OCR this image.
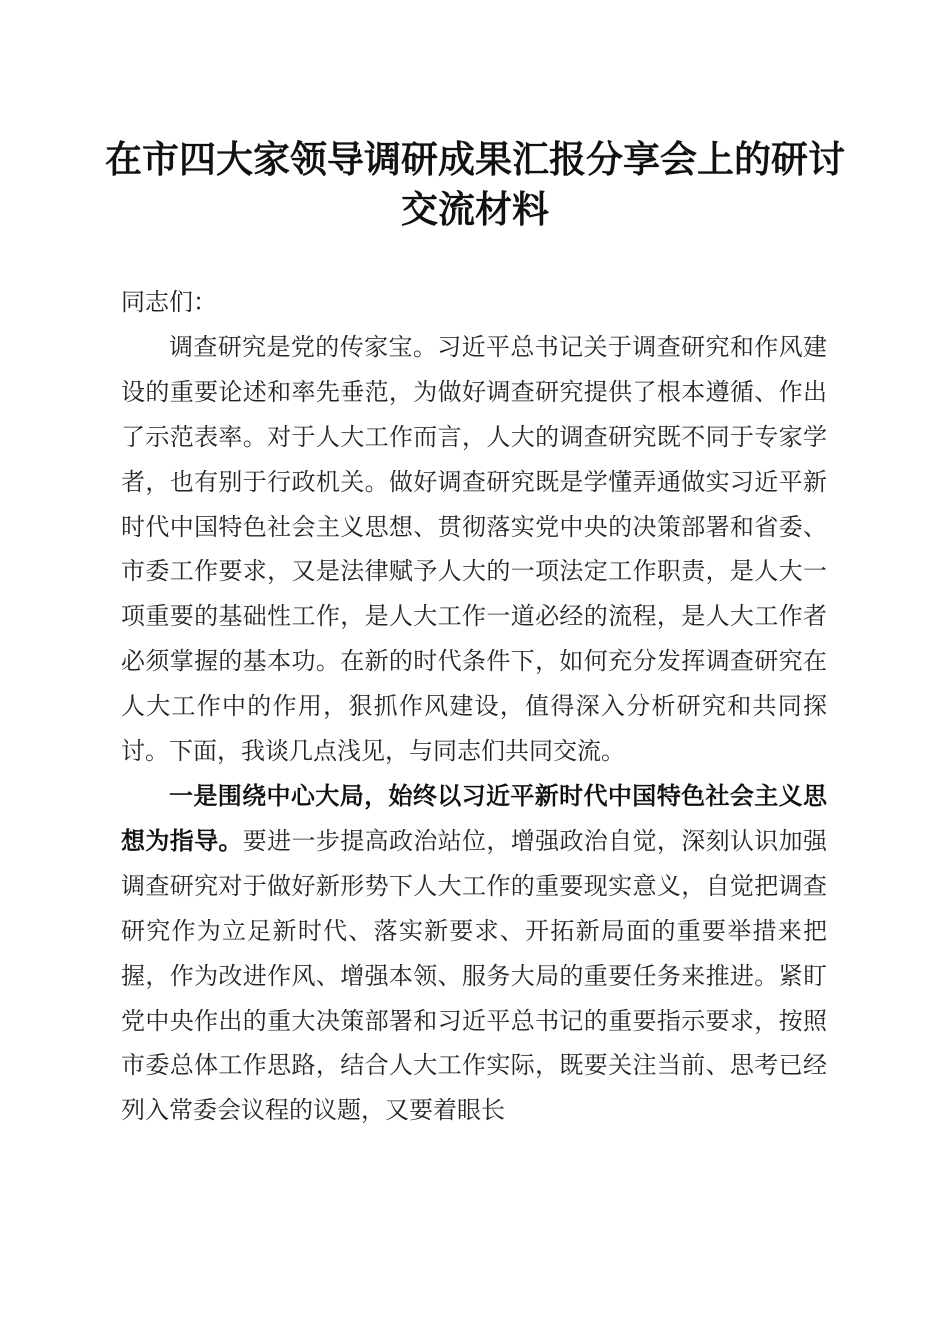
在市四大家领导调研成果汇报分享会上的研讨
交流材料

同志们：

调查研究是党的传家宝。习近平总书记关于调查研究和作风建设的重要论述和率先垂范，为做好调查研究提供了根本遵循、作出了示范表率。对于人大工作而言，人大的调查研究既不同于专家学者，也有别于行政机关。做好调查研究既是学懂弄通做实习近平新时代中国特色社会主义思想、贯彻落实党中央的决策部署和省委、市委工作要求，又是法律赋予人大的一项法定工作职责，是人大一项重要的基础性工作，是人大工作一道必经的流程，是人大工作者必须掌握的基本功。在新的时代条件下，如何充分发挥调查研究在人大工作中的作用，狠抓作风建设，值得深入分析研究和共同探讨。下面，我谈几点浅见，与同志们共同交流。

一是围绕中心大局，始终以习近平新时代中国特色社会主义思想为指导。要进一步提高政治站位，增强政治自觉，深刻认识加强调查研究对于做好新形势下人大工作的重要现实意义，自觉把调查研究作为立足新时代、落实新要求、开拓新局面的重要举措来把握，作为改进作风、增强本领、服务大局的重要任务来推进。紧盯党中央作出的重大决策部署和习近平总书记的重要指示要求，按照市委总体工作思路，结合人大工作实际，既要关注当前、思考已经列入常委会议程的议题，又要着眼长
